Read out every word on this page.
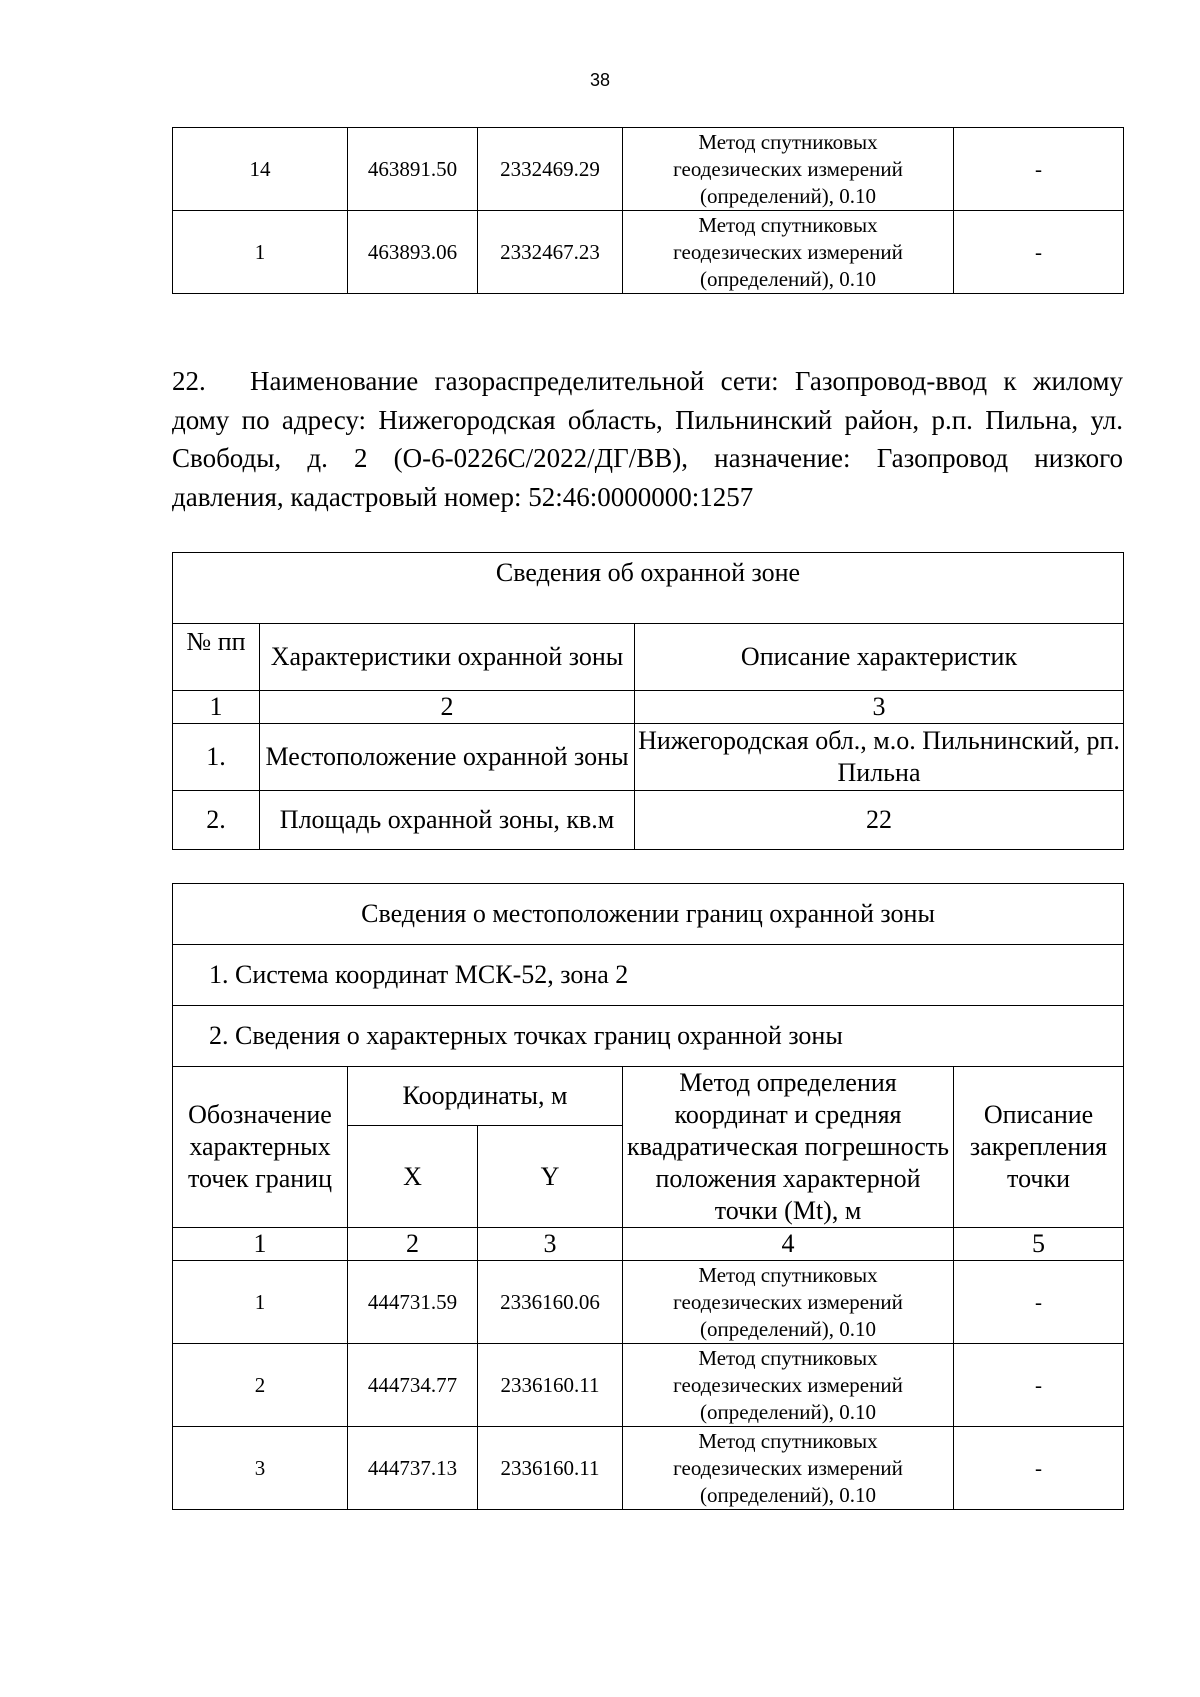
38
14	463891.50	2332469.29	Метод спутниковых
геодезических измерений
(определений), 0.10	-
1	463893.06	2332467.23	Метод спутниковых
геодезических измерений
(определений), 0.10	-
22. Наименование газораспределительной сети: Газопровод-ввод к жилому дому по адресу: Нижегородская область, Пильнинский район, р.п. Пильна, ул. Свободы, д. 2 (О-6-0226С/2022/ДГ/ВВ), назначение: Газопровод низкого давления, кадастровый номер: 52:46:0000000:1257
Сведения об охранной зоне		
№ пп	Характеристики охранной зоны	Описание характеристик
1	2	3
1.	Местоположение охранной зоны	Нижегородская обл., м.о. Пильнинский, рп. Пильна
2.	Площадь охранной зоны, кв.м	22
Сведения о местоположении границ охранной зоны				
1. Система координат МСК-52, зона 2				
2. Сведения о характерных точках границ охранной зоны				
Обозначение характерных точек границ	Координаты, м		Метод определения координат и средняя квадратическая погрешность положения характерной точки (Mt), м	Описание закрепления точки
	X	Y		
1	2	3	4	5
1	444731.59	2336160.06	Метод спутниковых
геодезических измерений
(определений), 0.10	-
2	444734.77	2336160.11	Метод спутниковых
геодезических измерений
(определений), 0.10	-
3	444737.13	2336160.11	Метод спутниковых
геодезических измерений
(определений), 0.10	-
